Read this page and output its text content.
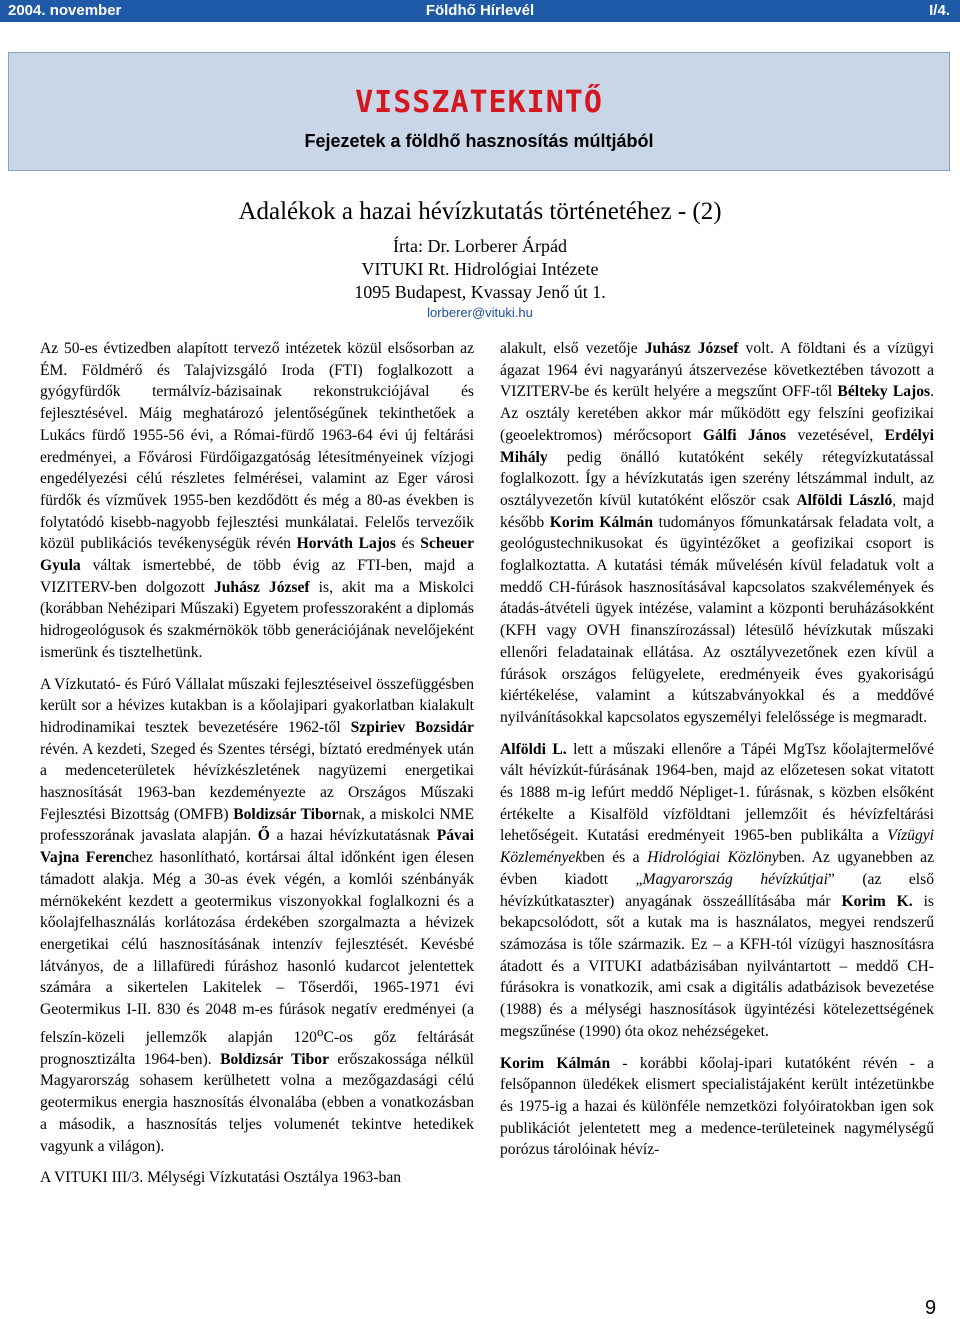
2004. november	Földhő Hírlevél	I/4.
VISSZATEKINTŐ
Fejezetek a földhő hasznosítás múltjából
Adalékok a hazai hévízkutatás történetéhez - (2)
Írta: Dr. Lorberer Árpád
VITUKI Rt. Hidrológiai Intézete
1095 Budapest, Kvassay Jenő út 1.
lorberer@vituki.hu

Az 50-es évtizedben alapított tervező intézetek közül elsősorban az ÉM. Földmérő és Talajvizsgáló Iroda (FTI) foglalkozott a gyógyfürdők termálvíz-bázisainak rekonstrukciójával és fejlesztésével. Máig meghatározó jelentőségűnek tekinthetőek a Lukács fürdő 1955-56 évi, a Római-fürdő 1963-64 évi új feltárási eredményei, a Fővárosi Fürdőigazgatóság létesítményeinek vízjogi engedélyezési célú részletes felmérései, valamint az Eger városi fürdők és vízművek 1955-ben kezdődött és még a 80-as években is folytatódó kisebb-nagyobb fejlesztési munkálatai. Felelős tervezőik közül publikációs tevékenységük révén Horváth Lajos és Scheuer Gyula váltak ismertebbé, de több évig az FTI-ben, majd a VIZITERV-ben dolgozott Juhász József is, akit ma a Miskolci (korábban Nehézipari Műszaki) Egyetem professzoraként a diplomás hidrogeológusok és szakmérnökök több generációjának nevelőjeként ismerünk és tisztelhetünk.

A Vízkutató- és Fúró Vállalat műszaki fejlesztéseivel összefüggésben került sor a hévizes kutakban is a kőolajipari gyakorlatban kialakult hidrodinamikai tesztek bevezetésére 1962-től Szpiriev Bozsidár révén. A kezdeti, Szeged és Szentes térségi, bíztató eredmények után a medenceterületek hévízkészletének nagyüzemi energetikai hasznosítását 1963-ban kezdeményezte az Országos Műszaki Fejlesztési Bizottság (OMFB) Boldizsár Tibornak, a miskolci NME professzorának javaslata alapján. Ő a hazai hévízkutatásnak Pávai Vajna Ferenchez hasonlítható, kortársai által időnként igen élesen támadott alakja. Még a 30-as évek végén, a komlói szénbányák mérnökeként kezdett a geotermikus viszonyokkal foglalkozni és a kőolajfelhasználás korlátozása érdekében szorgalmazta a hévizek energetikai célú hasznosításának intenzív fejlesztését. Kevésbé látványos, de a lillafüredi fúráshoz hasonló kudarcot jelentettek számára a sikertelen Lakitelek – Tőserdői, 1965-1971 évi Geotermikus I-II. 830 és 2048 m-es fúrások negatív eredményei (a felszín-közeli jellemzők alapján 120$^o$C-os gőz feltárását prognosztizálta 1964-ben). Boldizsár Tibor erőszakossága nélkül Magyarország sohasem kerülhetett volna a mezőgazdasági célú geotermikus energia hasznosítás élvonalába (ebben a vonatkozásban a második, a hasznosítás teljes volumenét tekintve hetedikek vagyunk a világon).

A VITUKI III/3. Mélységi Vízkutatási Osztálya 1963-ban

alakult, első vezetője Juhász József volt. A földtani és a vízügyi ágazat 1964 évi nagyarányú átszervezése következtében távozott a VIZITERV-be és került helyére a megszűnt OFF-től Bélteky Lajos. Az osztály keretében akkor már működött egy felszíni geofizikai (geoelektromos) mérőcsoport Gálfi János vezetésével, Erdélyi Mihály pedig önálló kutatóként sekély rétegvízkutatással foglalkozott. Így a hévízkutatás igen szerény létszámmal indult, az osztályvezetőn kívül kutatóként először csak Alföldi László, majd később Korim Kálmán tudományos főmunkatársak feladata volt, a geológustechnikusokat és ügyintézőket a geofizikai csoport is foglalkoztatta. A kutatási témák művelésén kívül feladatuk volt a meddő CH-fúrások hasznosításával kapcsolatos szakvélemények és átadás-átvételi ügyek intézése, valamint a központi beruházásokként (KFH vagy OVH finanszírozással) létesülő hévízkutak műszaki ellenőri feladatainak ellátása. Az osztályvezetőnek ezen kívül a fúrások országos felügyelete, eredményeik éves gyakoriságú kiértékelése, valamint a kútszabványokkal és a meddővé nyilvánításokkal kapcsolatos egyszemélyi felelőssége is megmaradt.

Alföldi L. lett a műszaki ellenőre a Tápéi MgTsz kőolajtermelővé vált hévízkút-fúrásának 1964-ben, majd az előzetesen sokat vitatott és 1888 m-ig lefúrt meddő Népliget-1. fúrásnak, s közben elsőként értékelte a Kisalföld vízföldtani jellemzőit és hévízfeltárási lehetőségeit. Kutatási eredményeit 1965-ben publikálta a Vízügyi Közleményekben és a Hidrológiai Közlönyben. Az ugyanebben az évben kiadott „Magyarország hévízkútjai” (az első hévízkútkataszter) anyagának összeállításába már Korim K. is bekapcsolódott, sőt a kutak ma is használatos, megyei rendszerű számozása is tőle származik. Ez – a KFH-tól vízügyi hasznosításra átadott és a VITUKI adatbázisában nyilvántartott – meddő CH-fúrásokra is vonatkozik, ami csak a digitális adatbázisok bevezetése (1988) és a mélységi hasznosítások ügyintézési kötelezettségének megszűnése (1990) óta okoz nehézségeket.

Korim Kálmán - korábbi kőolaj-ipari kutatóként révén - a felsőpannon üledékek elismert specialistájaként került intézetünkbe és 1975-ig a hazai és különféle nemzetközi folyóiratokban igen sok publikációt jelentetett meg a medence-területeinek nagymélységű porózus tárolóinak hévíz-

9
